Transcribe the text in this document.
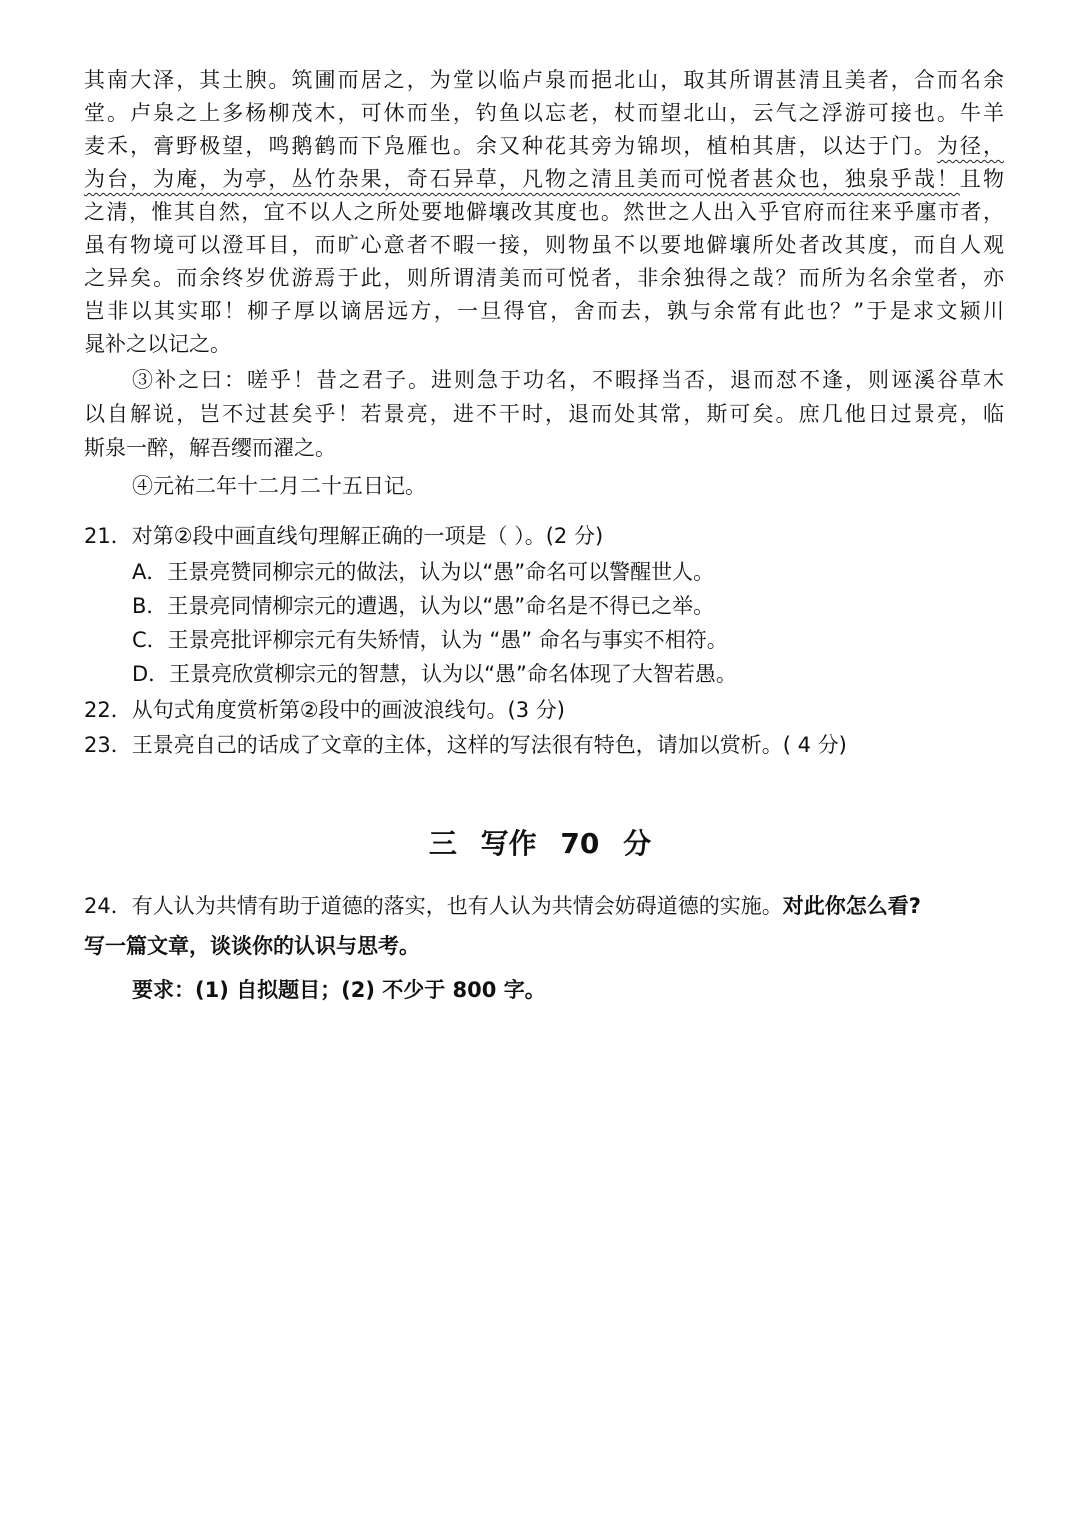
其南大泽，其土腴。筑圃而居之，为堂以临卢泉而挹北山，取其所谓甚清且美者，合而名余
堂。卢泉之上多杨柳茂木，可休而坐，钓鱼以忘老，杖而望北山，云气之浮游可接也。牛羊
麦禾，膏野极望，鸣鹅鹤而下凫雁也。余又种花其旁为锦坝，植柏其唐，以达于门。为径，
为台，为庵，为亭，丛竹杂果，奇石异草，凡物之清且美而可悦者甚众也，独泉乎哉！且物
之清，惟其自然，宜不以人之所处要地僻壤改其度也。然世之人出入乎官府而往来乎廛市者，
虽有物境可以澄耳目，而旷心意者不暇一接，则物虽不以要地僻壤所处者改其度，而自人观
之异矣。而余终岁优游焉于此，则所谓清美而可悦者，非余独得之哉？而所为名余堂者，亦
岂非以其实耶！柳子厚以谪居远方，一旦得官，舍而去，孰与余常有此也？”于是求文颍川
晁补之以记之。
③补之曰：嗟乎！昔之君子。进则急于功名，不暇择当否，退而怼不逢，则诬溪谷草木
以自解说，岂不过甚矣乎！若景亮，进不干时，退而处其常，斯可矣。庶几他日过景亮，临
斯泉一醉，解吾缨而濯之。
④元祐二年十二月二十五日记。
21．对第②段中画直线句理解正确的一项是（ ）。(2 分)
A．王景亮赞同柳宗元的做法，认为以“愚”命名可以警醒世人。
B．王景亮同情柳宗元的遭遇，认为以“愚”命名是不得已之举。
C．王景亮批评柳宗元有失矫情，认为 “愚” 命名与事实不相符。
D．王景亮欣赏柳宗元的智慧，认为以“愚”命名体现了大智若愚。
22．从句式角度赏析第②段中的画波浪线句。(3 分)
23．王景亮自己的话成了文章的主体，这样的写法很有特色，请加以赏析。( 4 分)
三 写作 70 分
24．有人认为共情有助于道德的落实，也有人认为共情会妨碍道德的实施。对此你怎么看?
写一篇文章，谈谈你的认识与思考。
要求：(1) 自拟题目；(2) 不少于 800 字。
